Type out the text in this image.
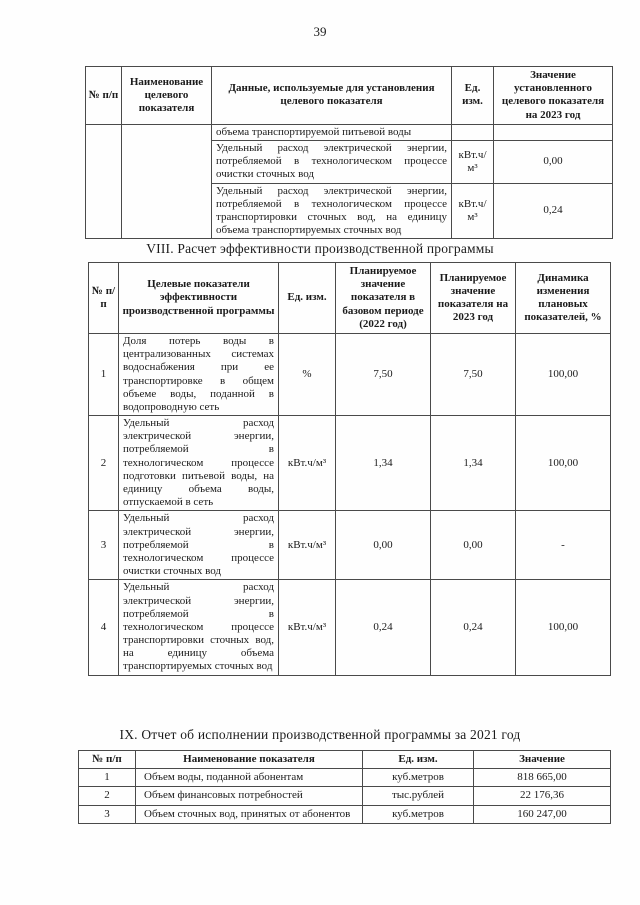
39
№ п/п	Наименование целевого показателя	Данные, используемые для установления целевого показателя	Ед. изм.	Значение установленного целевого показателя на 2023 год
		объема транспортируемой питьевой воды		
		Удельный расход электрической энергии, потребляемой в технологическом процессе очистки сточных вод	кВт.ч/м³	0,00
		Удельный расход электрической энергии, потребляемой в технологическом процессе транспортировки сточных вод, на единицу объема транспортируемых сточных вод	кВт.ч/м³	0,24
VIII. Расчет эффективности производственной программы
№ п/п	Целевые показатели эффективности производственной программы	Ед. изм.	Планируемое значение показателя в базовом периоде (2022 год)	Планируемое значение показателя на 2023 год	Динамика изменения плановых показателей, %
1	Доля потерь воды в централизованных системах водоснабжения при ее транспортировке в общем объеме воды, поданной в водопроводную сеть	%	7,50	7,50	100,00
2	Удельный расход электрической энергии, потребляемой в технологическом процессе подготовки питьевой воды, на единицу объема воды, отпускаемой в сеть	кВт.ч/м³	1,34	1,34	100,00
3	Удельный расход электрической энергии, потребляемой в технологическом процессе очистки сточных вод	кВт.ч/м³	0,00	0,00	-
4	Удельный расход электрической энергии, потребляемой в технологическом процессе транспортировки сточных вод, на единицу объема транспортируемых сточных вод	кВт.ч/м³	0,24	0,24	100,00
IX. Отчет об исполнении производственной программы за 2021 год
№ п/п	Наименование показателя	Ед. изм.	Значение
1	Объем воды, поданной абонентам	куб.метров	818 665,00
2	Объем финансовых потребностей	тыс.рублей	22 176,36
3	Объем сточных вод, принятых от абонентов	куб.метров	160 247,00
